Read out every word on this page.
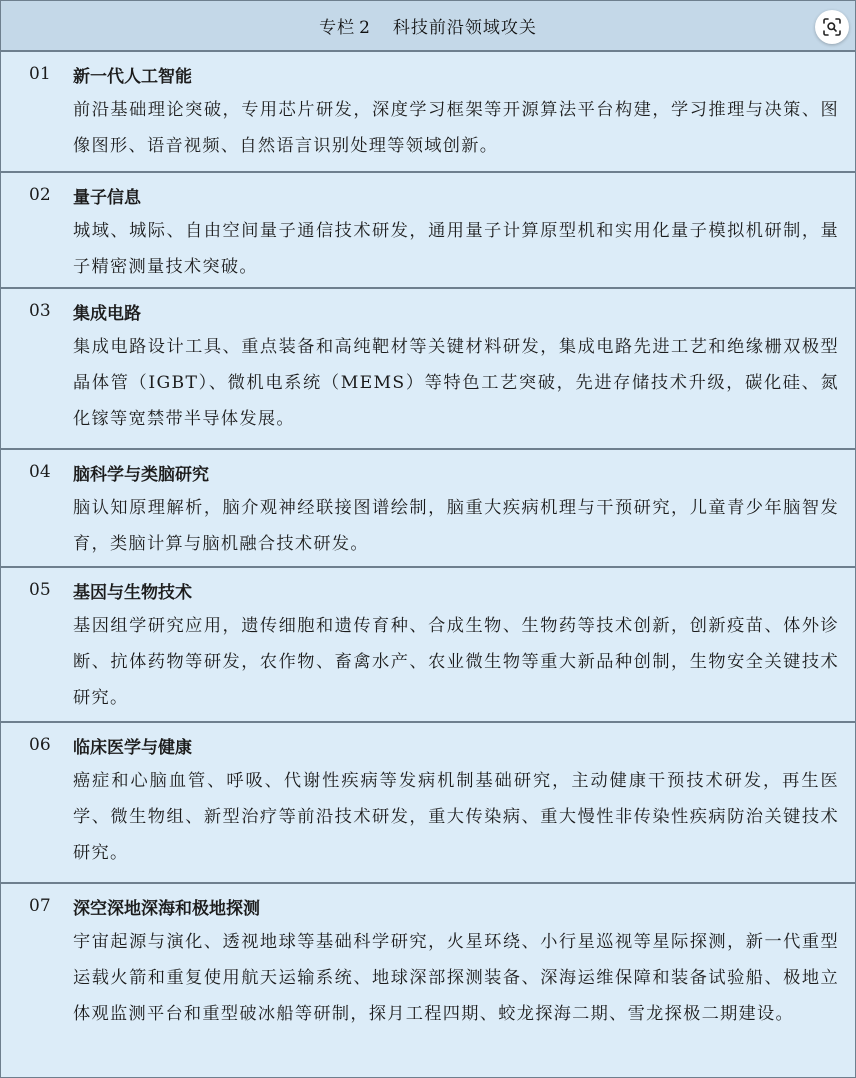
专栏 2 科技前沿领域攻关
01	新一代人工智能
前沿基础理论突破，专用芯片研发，深度学习框架等开源算法平台构建，学习推理与决策、图像图形、语音视频、自然语言识别处理等领域创新。
02	量子信息
城域、城际、自由空间量子通信技术研发，通用量子计算原型机和实用化量子模拟机研制，量子精密测量技术突破。
03	集成电路
集成电路设计工具、重点装备和高纯靶材等关键材料研发，集成电路先进工艺和绝缘栅双极型晶体管（IGBT）、微机电系统（MEMS）等特色工艺突破，先进存储技术升级，碳化硅、氮化镓等宽禁带半导体发展。
04	脑科学与类脑研究
脑认知原理解析，脑介观神经联接图谱绘制，脑重大疾病机理与干预研究，儿童青少年脑智发育，类脑计算与脑机融合技术研发。
05	基因与生物技术
基因组学研究应用，遗传细胞和遗传育种、合成生物、生物药等技术创新，创新疫苗、体外诊断、抗体药物等研发，农作物、畜禽水产、农业微生物等重大新品种创制，生物安全关键技术研究。
06	临床医学与健康
癌症和心脑血管、呼吸、代谢性疾病等发病机制基础研究，主动健康干预技术研发，再生医学、微生物组、新型治疗等前沿技术研发，重大传染病、重大慢性非传染性疾病防治关键技术研究。
07	深空深地深海和极地探测
宇宙起源与演化、透视地球等基础科学研究，火星环绕、小行星巡视等星际探测，新一代重型运载火箭和重复使用航天运输系统、地球深部探测装备、深海运维保障和装备试验船、极地立体观监测平台和重型破冰船等研制，探月工程四期、蛟龙探海二期、雪龙探极二期建设。
